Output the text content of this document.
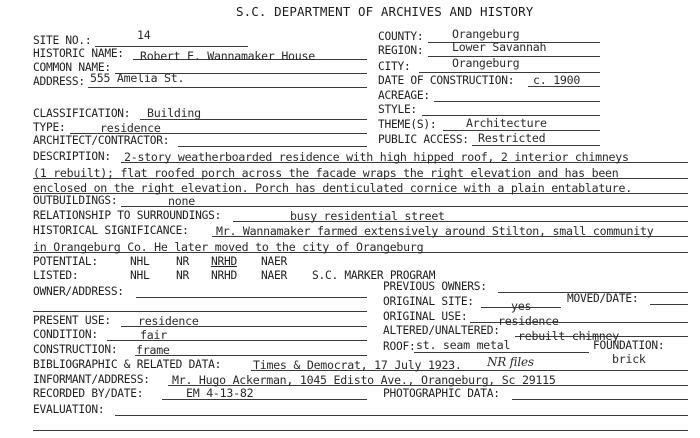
S.C. DEPARTMENT OF ARCHIVES AND HISTORY
SITE NO.:	14
HISTORIC NAME: Robert E. Wannamaker House
COMMON NAME:
ADDRESS: 555 Amelia St.
COUNTY: Orangeburg
REGION: Lower Savannah
CITY:	Orangeburg
DATE OF CONSTRUCTION: c. 1900
ACREAGE:
CLASSIFICATION: Building
TYPE:	residence
ARCHITECT/CONTRACTOR:
STYLE:
THEME(S):	Architecture
PUBLIC ACCESS: Restricted
DESCRIPTION: 2-story weatherboarded residence with high hipped roof, 2 interior chimneys
(1 rebuilt); flat roofed porch across the facade wraps the right elevation and has been
enclosed on the right elevation. Porch has denticulated cornice with a plain entablature.
OUTBUILDINGS:	none
RELATIONSHIP TO SURROUNDINGS:	busy residential street
HISTORICAL SIGNIFICANCE: Mr. Wannamaker farmed extensively around Stilton, small community
in Orangeburg Co. He later moved to the city of Orangeburg
POTENTIAL:	NHL NR NRHD NAER
LISTED:	NHL NR NRHD NAER S.C. MARKER PROGRAM
OWNER/ADDRESS:	PREVIOUS OWNERS:
ORIGINAL SITE:	yes
MOVED/DATE:
PRESENT USE: residence	ORIGINAL USE:	residence
CONDITION:	fair	ALTERED/UNALTERED: rebuilt chimney
CONSTRUCTION: frame	ROOF: st. seam metal	FOUNDATION:
brick
BIBLIOGRAPHIC & RELATED DATA:	Times & Democrat, 17 July 1923. NR files
INFORMANT/ADDRESS: Mr. Hugo Ackerman, 1045 Edisto Ave., Orangeburg, Sc 29115
RECORDED BY/DATE:	EM 4-13-82	PHOTOGRAPHIC DATA:
EVALUATION:
